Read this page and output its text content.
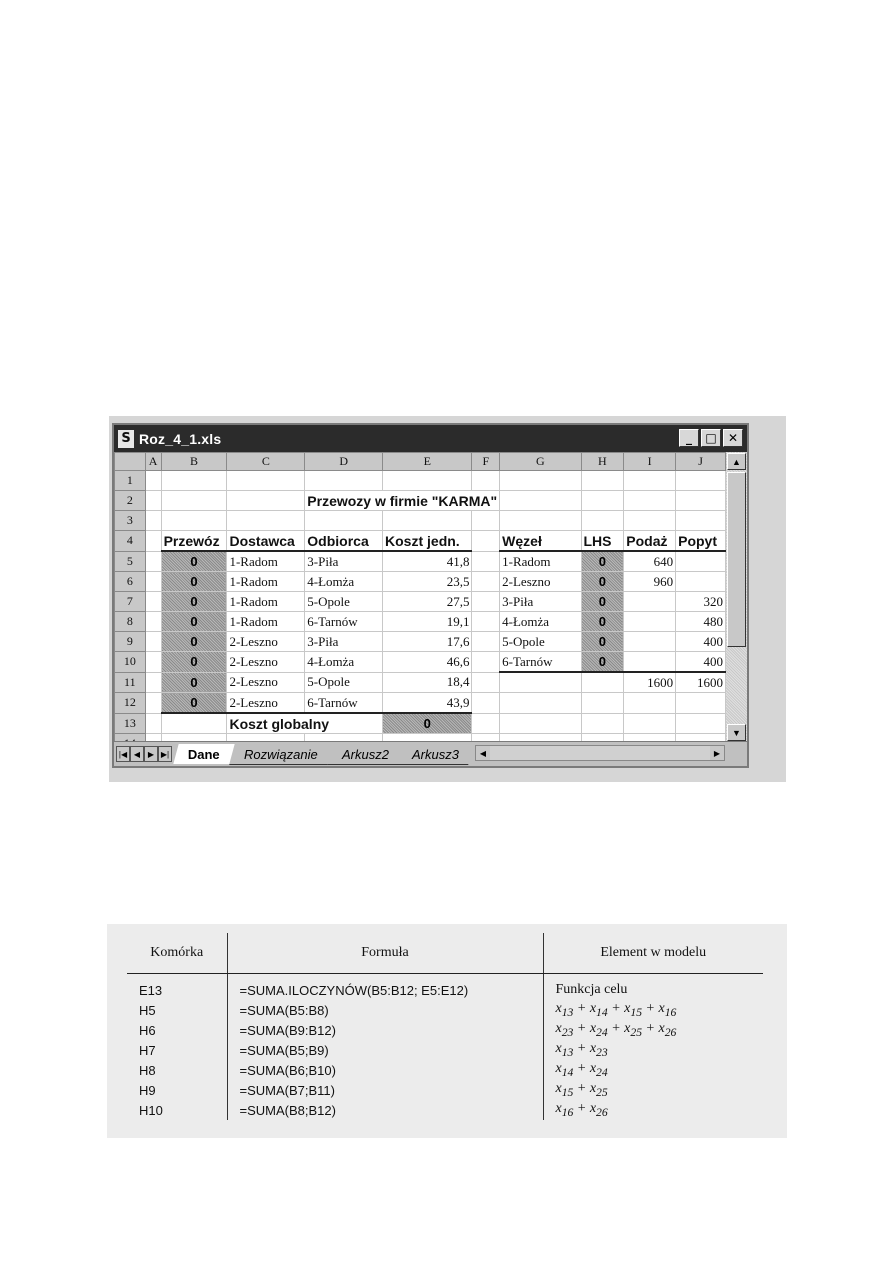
S Roz_4_1.xls	_	□ ✕
	A	B	C	D	E	F	G	H	I	J
1										
2				Przewozy w firmie "KARMA"						
3										
4		Przewóz	Dostawca	Odbiorca	Koszt jedn.		Węzeł	LHS	Podaż	Popyt
5		0	1-Radom	3-Piła	41,8		1-Radom	0	640	
6		0	1-Radom	4-Łomża	23,5		2-Leszno	0	960	
7		0	1-Radom	5-Opole	27,5		3-Piła	0		320
8		0	1-Radom	6-Tarnów	19,1		4-Łomża	0		480
9		0	2-Leszno	3-Piła	17,6		5-Opole	0		400
10		0	2-Leszno	4-Łomża	46,6		6-Tarnów	0		400
11		0	2-Leszno	5-Opole	18,4				1600	1600
12		0	2-Leszno	6-Tarnów	43,9					
13			Koszt globalny		0					

▲
▼
|◀ ◀ ▶ ▶| Dane Rozwiązanie Arkusz2 Arkusz3	◀	▶
Komórka	Formuła	Element w modelu
E13	=SUMA.ILOCZYNÓW(B5:B12; E5:E12)	Funkcja celu
H5	=SUMA(B5:B8)	$x_{13} + x_{14} + x_{15} + x_{16}$
H6	=SUMA(B9:B12)	$x_{23} + x_{24} + x_{25} + x_{26}$
H7	=SUMA(B5;B9)	$x_{13} + x_{23}$
H8	=SUMA(B6;B10)	$x_{14} + x_{24}$
H9	=SUMA(B7;B11)	$x_{15} + x_{25}$
H10	=SUMA(B8;B12)	$x_{16} + x_{26}$
